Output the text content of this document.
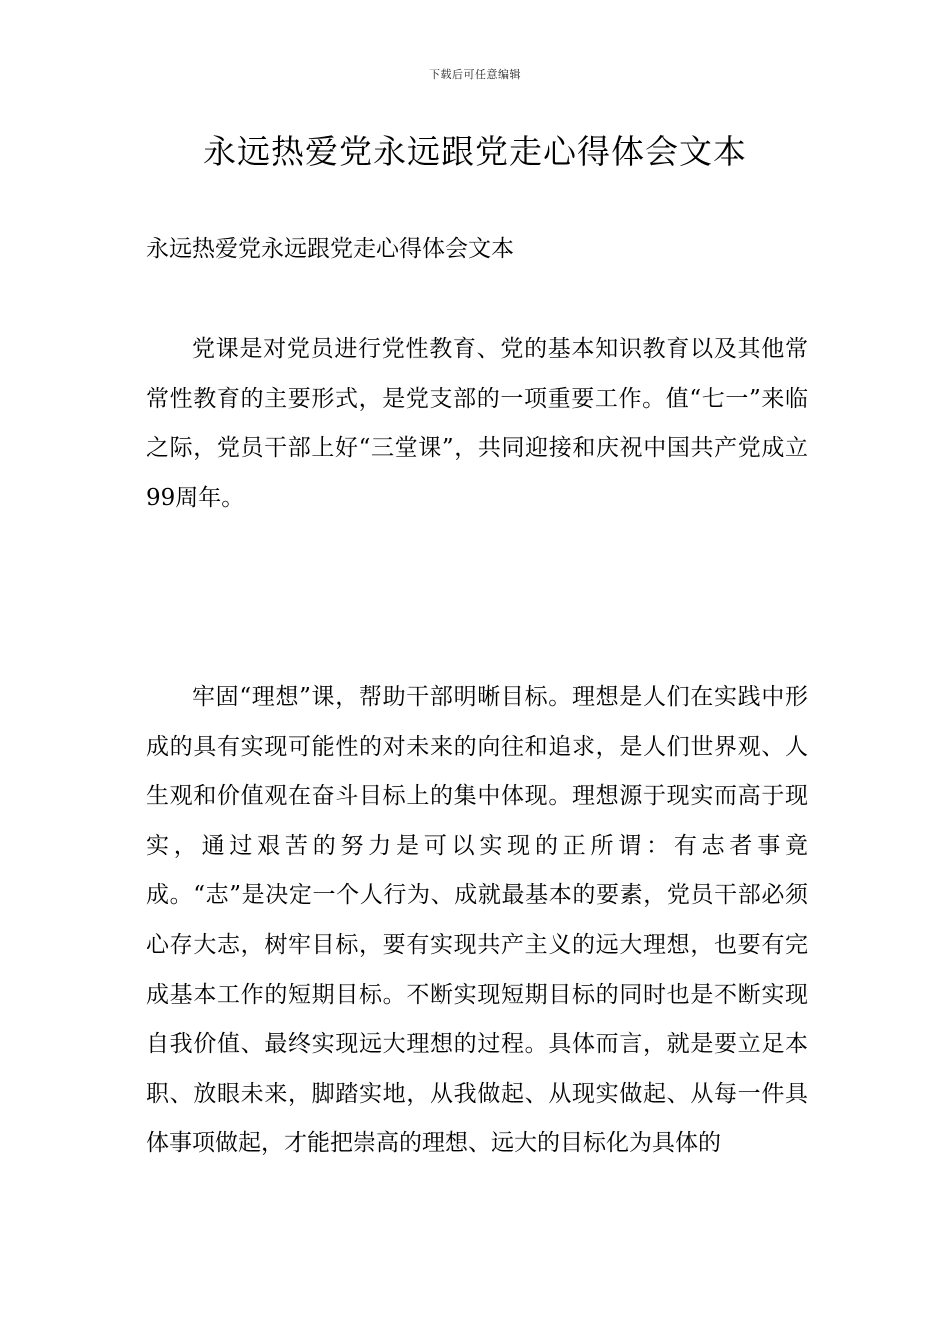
下载后可任意编辑
永远热爱党永远跟党走心得体会文本

永远热爱党永远跟党走心得体会文本

党课是对党员进行党性教育、党的基本知识教育以及其他常常性教育的主要形式，是党支部的一项重要工作。值“七一”来临之际，党员干部上好“三堂课”，共同迎接和庆祝中国共产党成立99周年。

牢固“理想”课，帮助干部明晰目标。理想是人们在实践中形成的具有实现可能性的对未来的向往和追求，是人们世界观、人生观和价值观在奋斗目标上的集中体现。理想源于现实而高于现实，通过艰苦的努力是可以实现的正所谓：有志者事竟成。“志”是决定一个人行为、成就最基本的要素，党员干部必须心存大志，树牢目标，要有实现共产主义的远大理想，也要有完成基本工作的短期目标。不断实现短期目标的同时也是不断实现自我价值、最终实现远大理想的过程。具体而言，就是要立足本职、放眼未来，脚踏实地，从我做起、从现实做起、从每一件具体事项做起，才能把崇高的理想、远大的目标化为具体的
